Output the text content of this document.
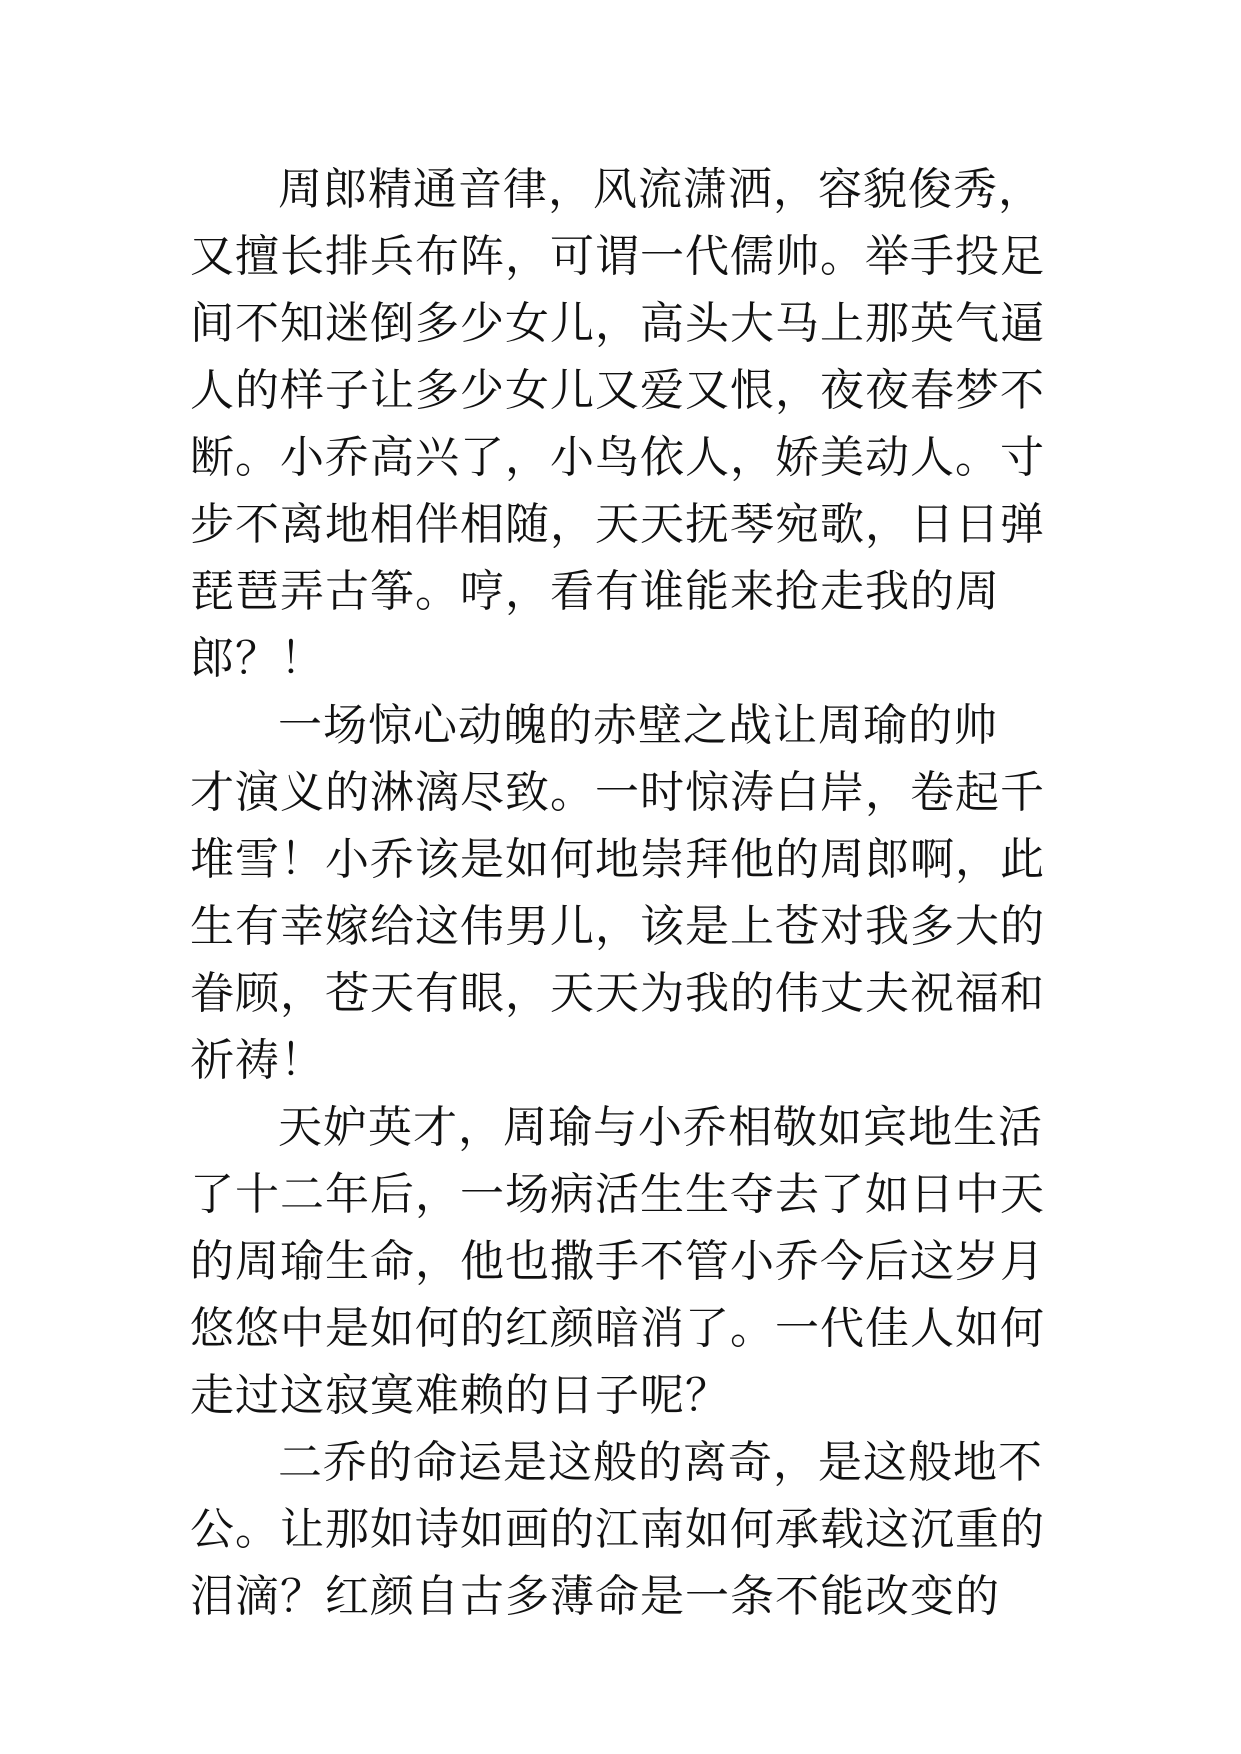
周郎精通音律，风流潇洒，容貌俊秀，
又擅长排兵布阵，可谓一代儒帅。举手投足
间不知迷倒多少女儿，高头大马上那英气逼
人的样子让多少女儿又爱又恨，夜夜春梦不
断。小乔高兴了，小鸟依人，娇美动人。寸
步不离地相伴相随，天天抚琴宛歌，日日弹
琵琶弄古筝。哼，看有谁能来抢走我的周
郎？！
一场惊心动魄的赤壁之战让周瑜的帅
才演义的淋漓尽致。一时惊涛白岸，卷起千
堆雪！小乔该是如何地崇拜他的周郎啊，此
生有幸嫁给这伟男儿，该是上苍对我多大的
眷顾，苍天有眼，天天为我的伟丈夫祝福和
祈祷！
天妒英才，周瑜与小乔相敬如宾地生活
了十二年后，一场病活生生夺去了如日中天
的周瑜生命，他也撒手不管小乔今后这岁月
悠悠中是如何的红颜暗消了。一代佳人如何
走过这寂寞难赖的日子呢？
二乔的命运是这般的离奇，是这般地不
公。让那如诗如画的江南如何承载这沉重的
泪滴？红颜自古多薄命是一条不能改变的
